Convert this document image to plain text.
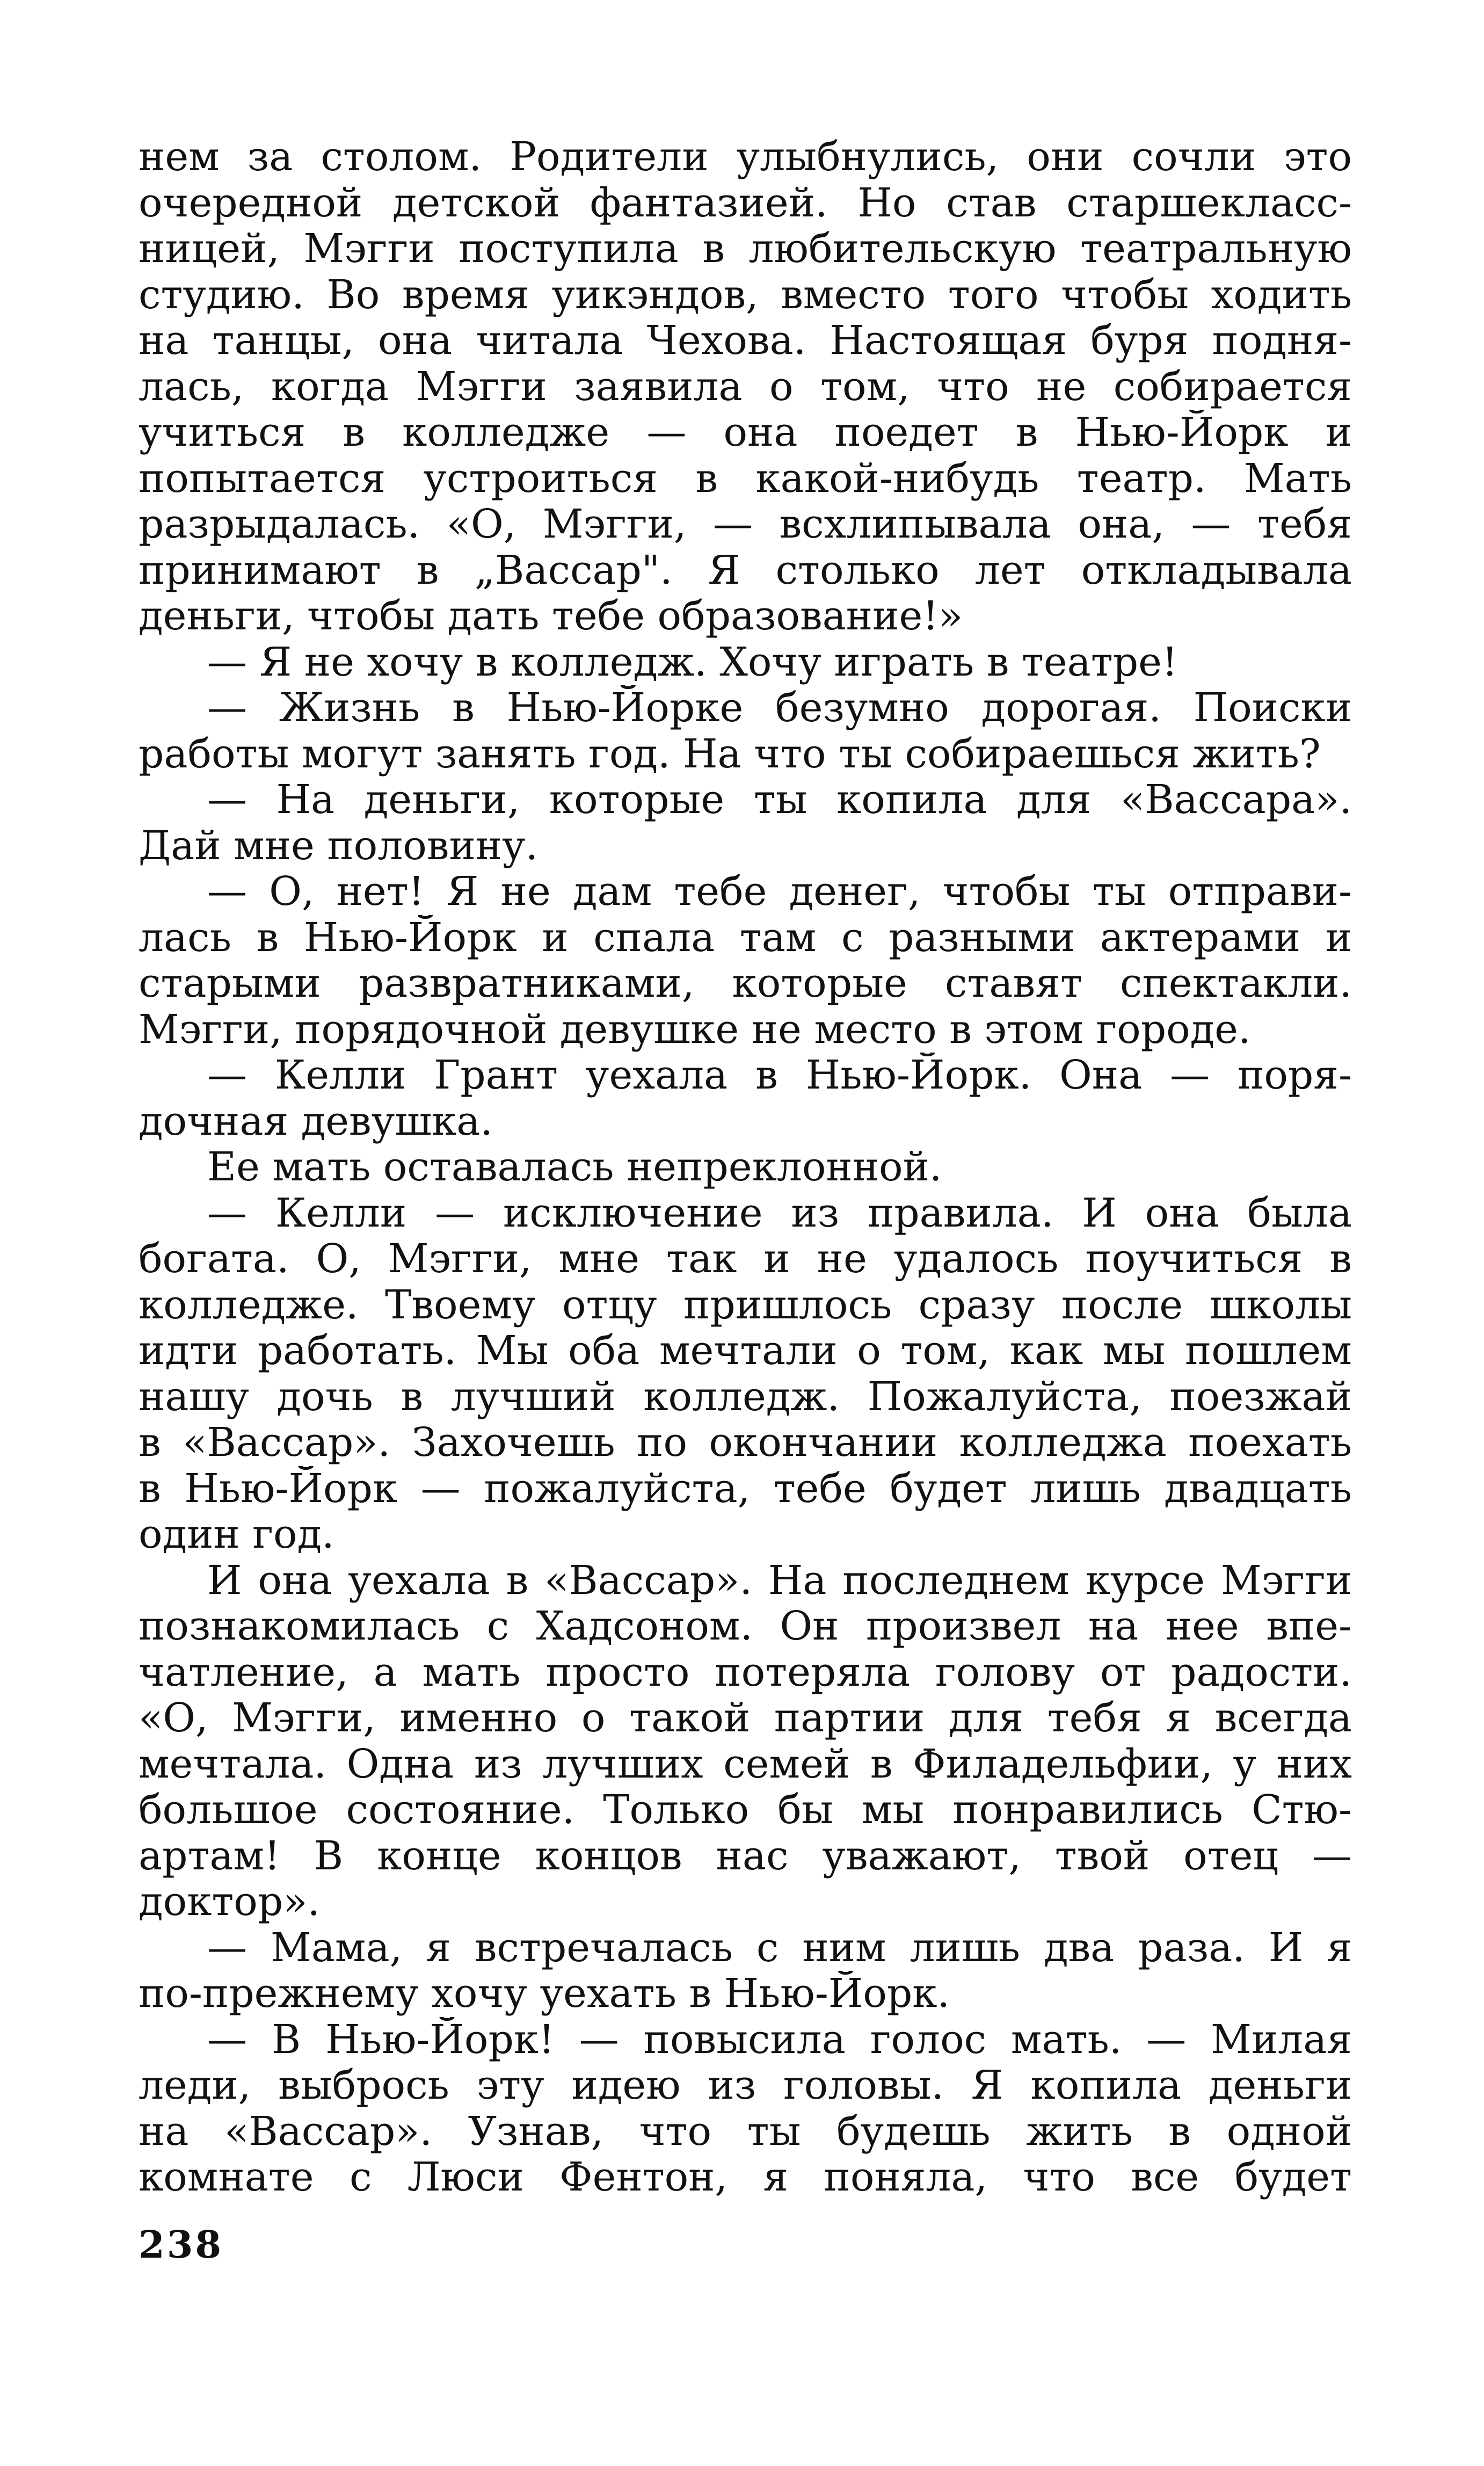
нем за столом. Родители улыбнулись, они сочли это
очередной детской фантазией. Но став старшекласс-
ницей, Мэгги поступила в любительскую театральную
студию. Во время уикэндов, вместо того чтобы ходить
на танцы, она читала Чехова. Настоящая буря подня-
лась, когда Мэгги заявила о том, что не собирается
учиться в колледже — она поедет в Нью-Йорк и
попытается устроиться в какой-нибудь театр. Мать
разрыдалась. «О, Мэгги, — всхлипывала она, — тебя
принимают в „Вассар". Я столько лет откладывала
деньги, чтобы дать тебе образование!»
— Я не хочу в колледж. Хочу играть в театре!
— Жизнь в Нью-Йорке безумно дорогая. Поиски
работы могут занять год. На что ты собираешься жить?
— На деньги, которые ты копила для «Вассара».
Дай мне половину.
— О, нет! Я не дам тебе денег, чтобы ты отправи-
лась в Нью-Йорк и спала там с разными актерами и
старыми развратниками, которые ставят спектакли.
Мэгги, порядочной девушке не место в этом городе.
— Келли Грант уехала в Нью-Йорк. Она — поря-
дочная девушка.
Ее мать оставалась непреклонной.
— Келли — исключение из правила. И она была
богата. О, Мэгги, мне так и не удалось поучиться в
колледже. Твоему отцу пришлось сразу после школы
идти работать. Мы оба мечтали о том, как мы пошлем
нашу дочь в лучший колледж. Пожалуйста, поезжай
в «Вассар». Захочешь по окончании колледжа поехать
в Нью-Йорк — пожалуйста, тебе будет лишь двадцать
один год.
И она уехала в «Вассар». На последнем курсе Мэгги
познакомилась с Хадсоном. Он произвел на нее впе-
чатление, а мать просто потеряла голову от радости.
«О, Мэгги, именно о такой партии для тебя я всегда
мечтала. Одна из лучших семей в Филадельфии, у них
большое состояние. Только бы мы понравились Стю-
артам! В конце концов нас уважают, твой отец —
доктор».
— Мама, я встречалась с ним лишь два раза. И я
по-прежнему хочу уехать в Нью-Йорк.
— В Нью-Йорк! — повысила голос мать. — Милая
леди, выбрось эту идею из головы. Я копила деньги
на «Вассар». Узнав, что ты будешь жить в одной
комнате с Люси Фентон, я поняла, что все будет
238
